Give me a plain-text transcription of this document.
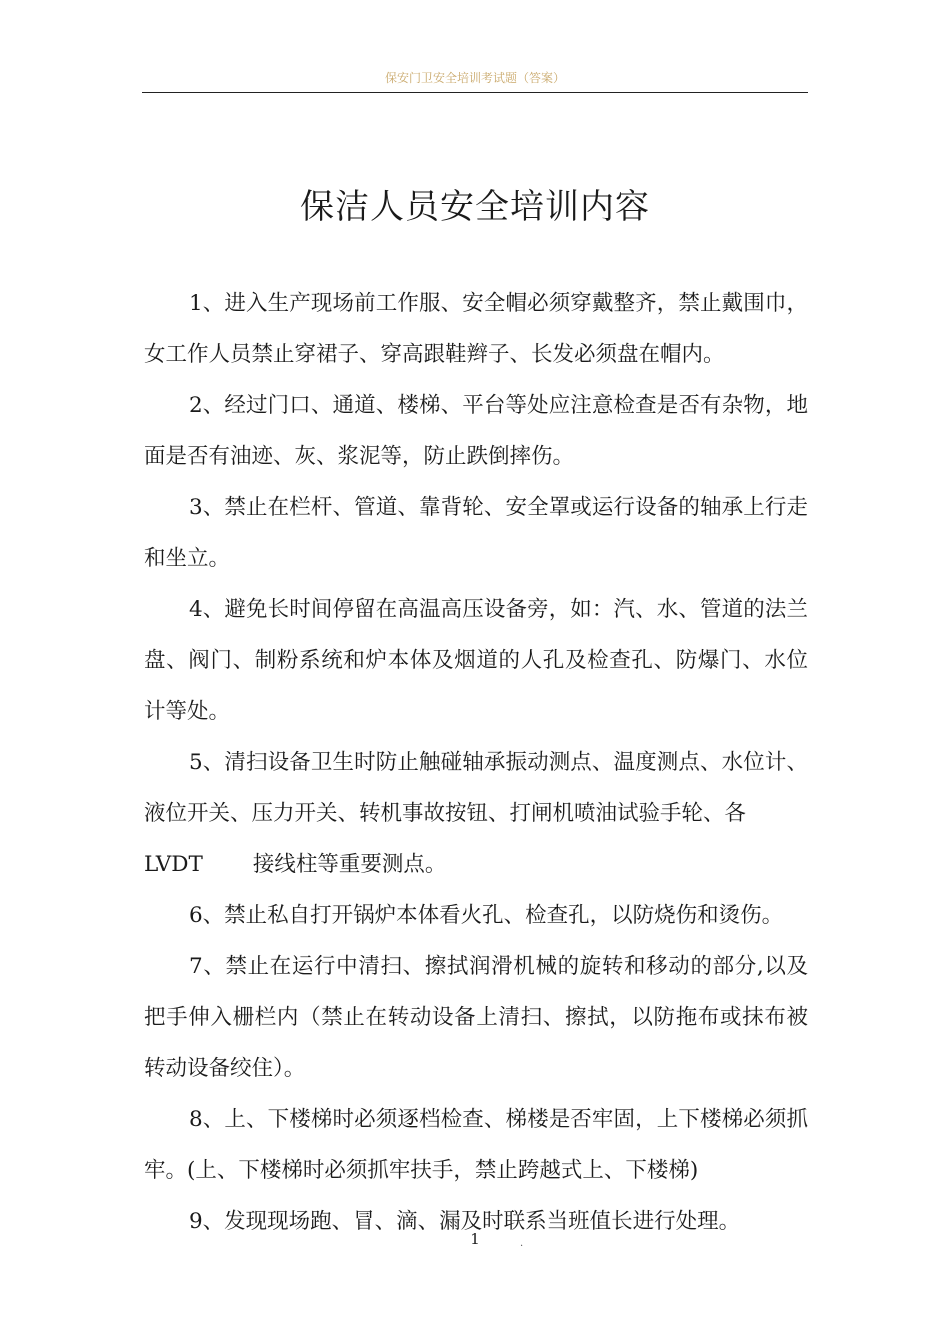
保安门卫安全培训考试题（答案）
保洁人员安全培训内容

1、进入生产现场前工作服、安全帽必须穿戴整齐，禁止戴围巾，女工作人员禁止穿裙子、穿高跟鞋辫子、长发必须盘在帽内。

2、经过门口、通道、楼梯、平台等处应注意检查是否有杂物，地面是否有油迹、灰、浆泥等，防止跌倒摔伤。

3、禁止在栏杆、管道、靠背轮、安全罩或运行设备的轴承上行走和坐立。

4、避免长时间停留在高温高压设备旁，如：汽、水、管道的法兰盘、阀门、制粉系统和炉本体及烟道的人孔及检查孔、防爆门、水位计等处。

5、清扫设备卫生时防止触碰轴承振动测点、温度测点、水位计、液位开关、压力开关、转机事故按钮、打闸机喷油试验手轮、各
LVDT 接线柱等重要测点。

6、禁止私自打开锅炉本体看火孔、检查孔，以防烧伤和烫伤。

7、禁止在运行中清扫、擦拭润滑机械的旋转和移动的部分,以及把手伸入栅栏内（禁止在转动设备上清扫、擦拭，以防拖布或抹布被转动设备绞住）。

8、上、下楼梯时必须逐档检查、梯楼是否牢固，上下楼梯必须抓牢。(上、下楼梯时必须抓牢扶手，禁止跨越式上、下楼梯)

9、发现现场跑、冒、滴、漏及时联系当班值长进行处理。

1	.
